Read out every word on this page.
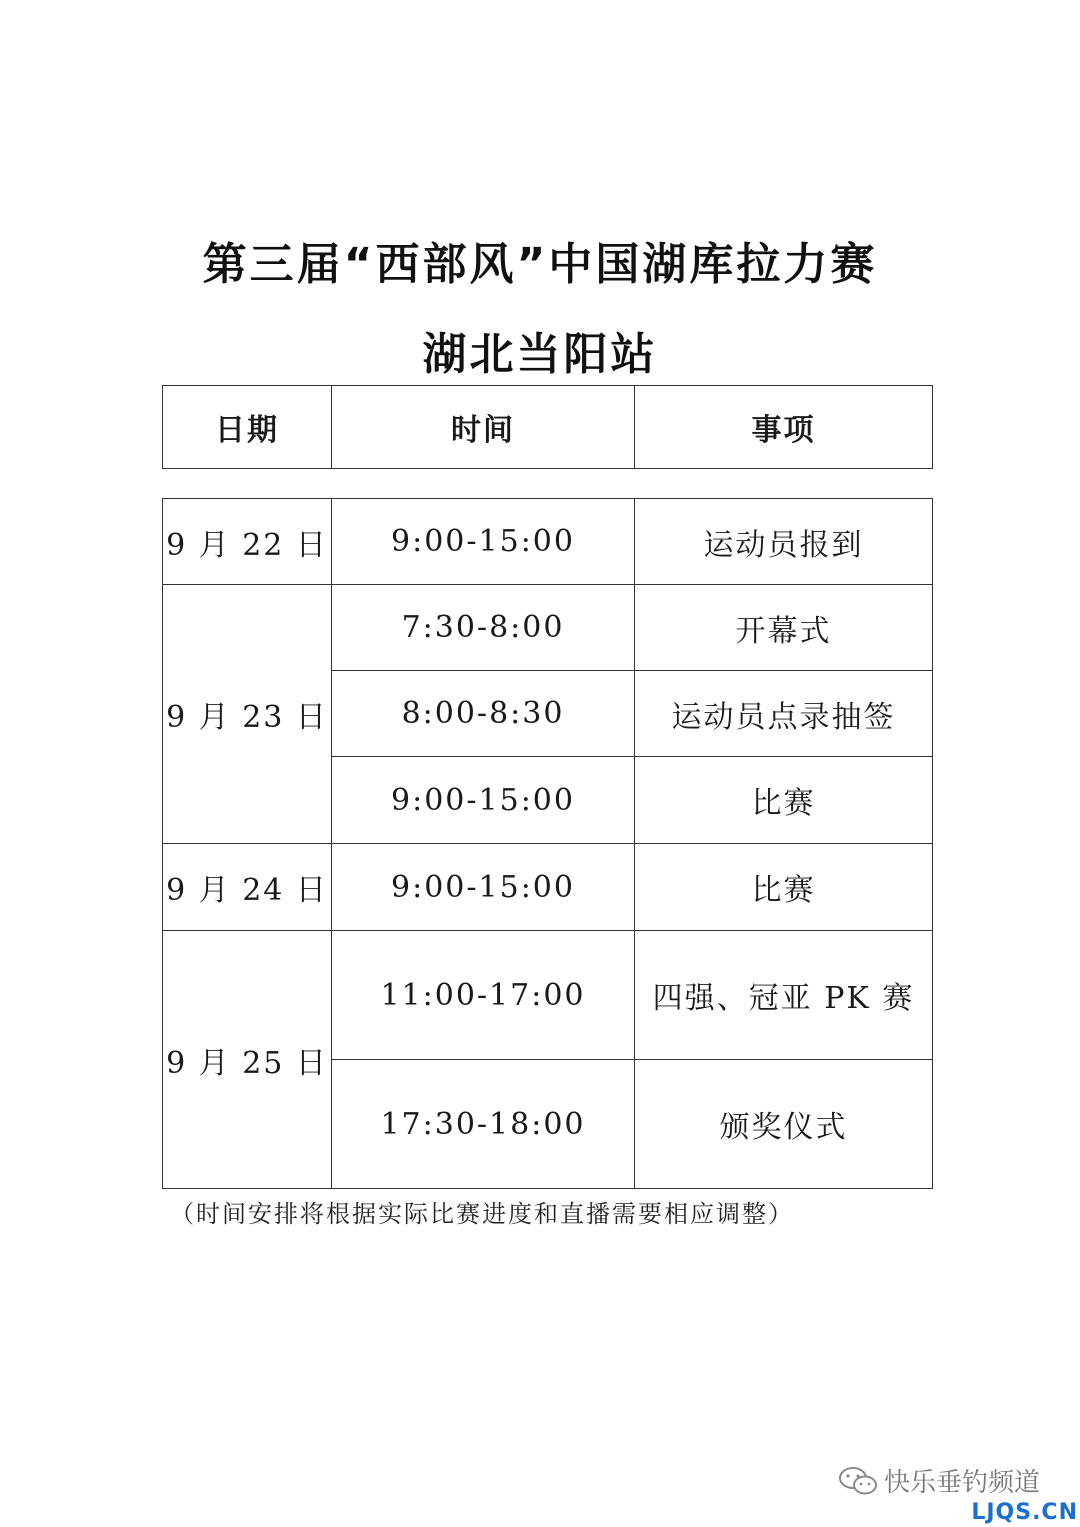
第三届“西部风”中国湖库拉力赛
湖北当阳站
日期	时间	事项
9 月 22 日	9:00-15:00	运动员报到
9 月 23 日	7:30-8:00	开幕式
	8:00-8:30	运动员点录抽签
	9:00-15:00	比赛
9 月 24 日	9:00-15:00	比赛
9 月 25 日	11:00-17:00	四强、冠亚 PK 赛
	17:30-18:00	颁奖仪式
（时间安排将根据实际比赛进度和直播需要相应调整）
快乐垂钓频道
LJQS.CN
